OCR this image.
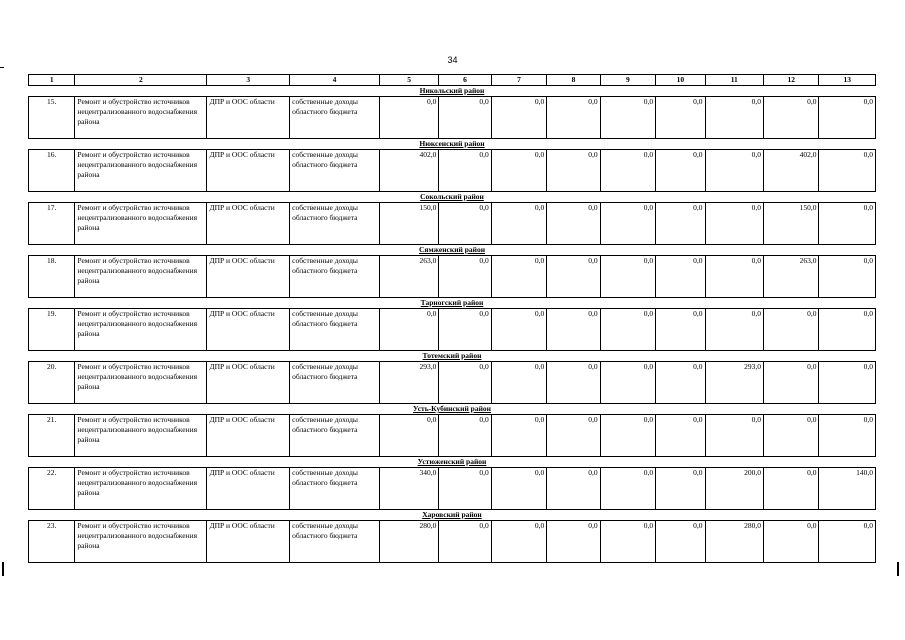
34
1	2	3	4	5	6	7	8	9	10	11	12	13
Никольский район												
15.	Ремонт и обустройство источников нецентрализованного водоснабжения района	ДПР и ООС области	собственные доходы областного бюджета	0,0	0,0	0,0	0,0	0,0	0,0	0,0	0,0	0,0
Нюксенский район												
16.	Ремонт и обустройство источников нецентрализованного водоснабжения района	ДПР и ООС области	собственные доходы областного бюджета	402,0	0,0	0,0	0,0	0,0	0,0	0,0	402,0	0,0
Сокольский район												
17.	Ремонт и обустройство источников нецентрализованного водоснабжения района	ДПР и ООС области	собственные доходы областного бюджета	150,0	0,0	0,0	0,0	0,0	0,0	0,0	150,0	0,0
Сямженский район												
18.	Ремонт и обустройство источников нецентрализованного водоснабжения района	ДПР и ООС области	собственные доходы областного бюджета	263,0	0,0	0,0	0,0	0,0	0,0	0,0	263,0	0,0
Тарногский район												
19.	Ремонт и обустройство источников нецентрализованного водоснабжения района	ДПР и ООС области	собственные доходы областного бюджета	0,0	0,0	0,0	0,0	0,0	0,0	0,0	0,0	0,0
Тотемский район												
20.	Ремонт и обустройство источников нецентрализованного водоснабжения района	ДПР и ООС области	собственные доходы областного бюджета	293,0	0,0	0,0	0,0	0,0	0,0	293,0	0,0	0,0
Усть-Кубинский район												
21.	Ремонт и обустройство источников нецентрализованного водоснабжения района	ДПР и ООС области	собственные доходы областного бюджета	0,0	0,0	0,0	0,0	0,0	0,0	0,0	0,0	0,0
Устюженский район												
22.	Ремонт и обустройство источников нецентрализованного водоснабжения района	ДПР и ООС области	собственные доходы областного бюджета	340,0	0,0	0,0	0,0	0,0	0,0	200,0	0,0	140,0
Харовский район												
23.	Ремонт и обустройство источников нецентрализованного водоснабжения района	ДПР и ООС области	собственные доходы областного бюджета	280,0	0,0	0,0	0,0	0,0	0,0	280,0	0,0	0,0
